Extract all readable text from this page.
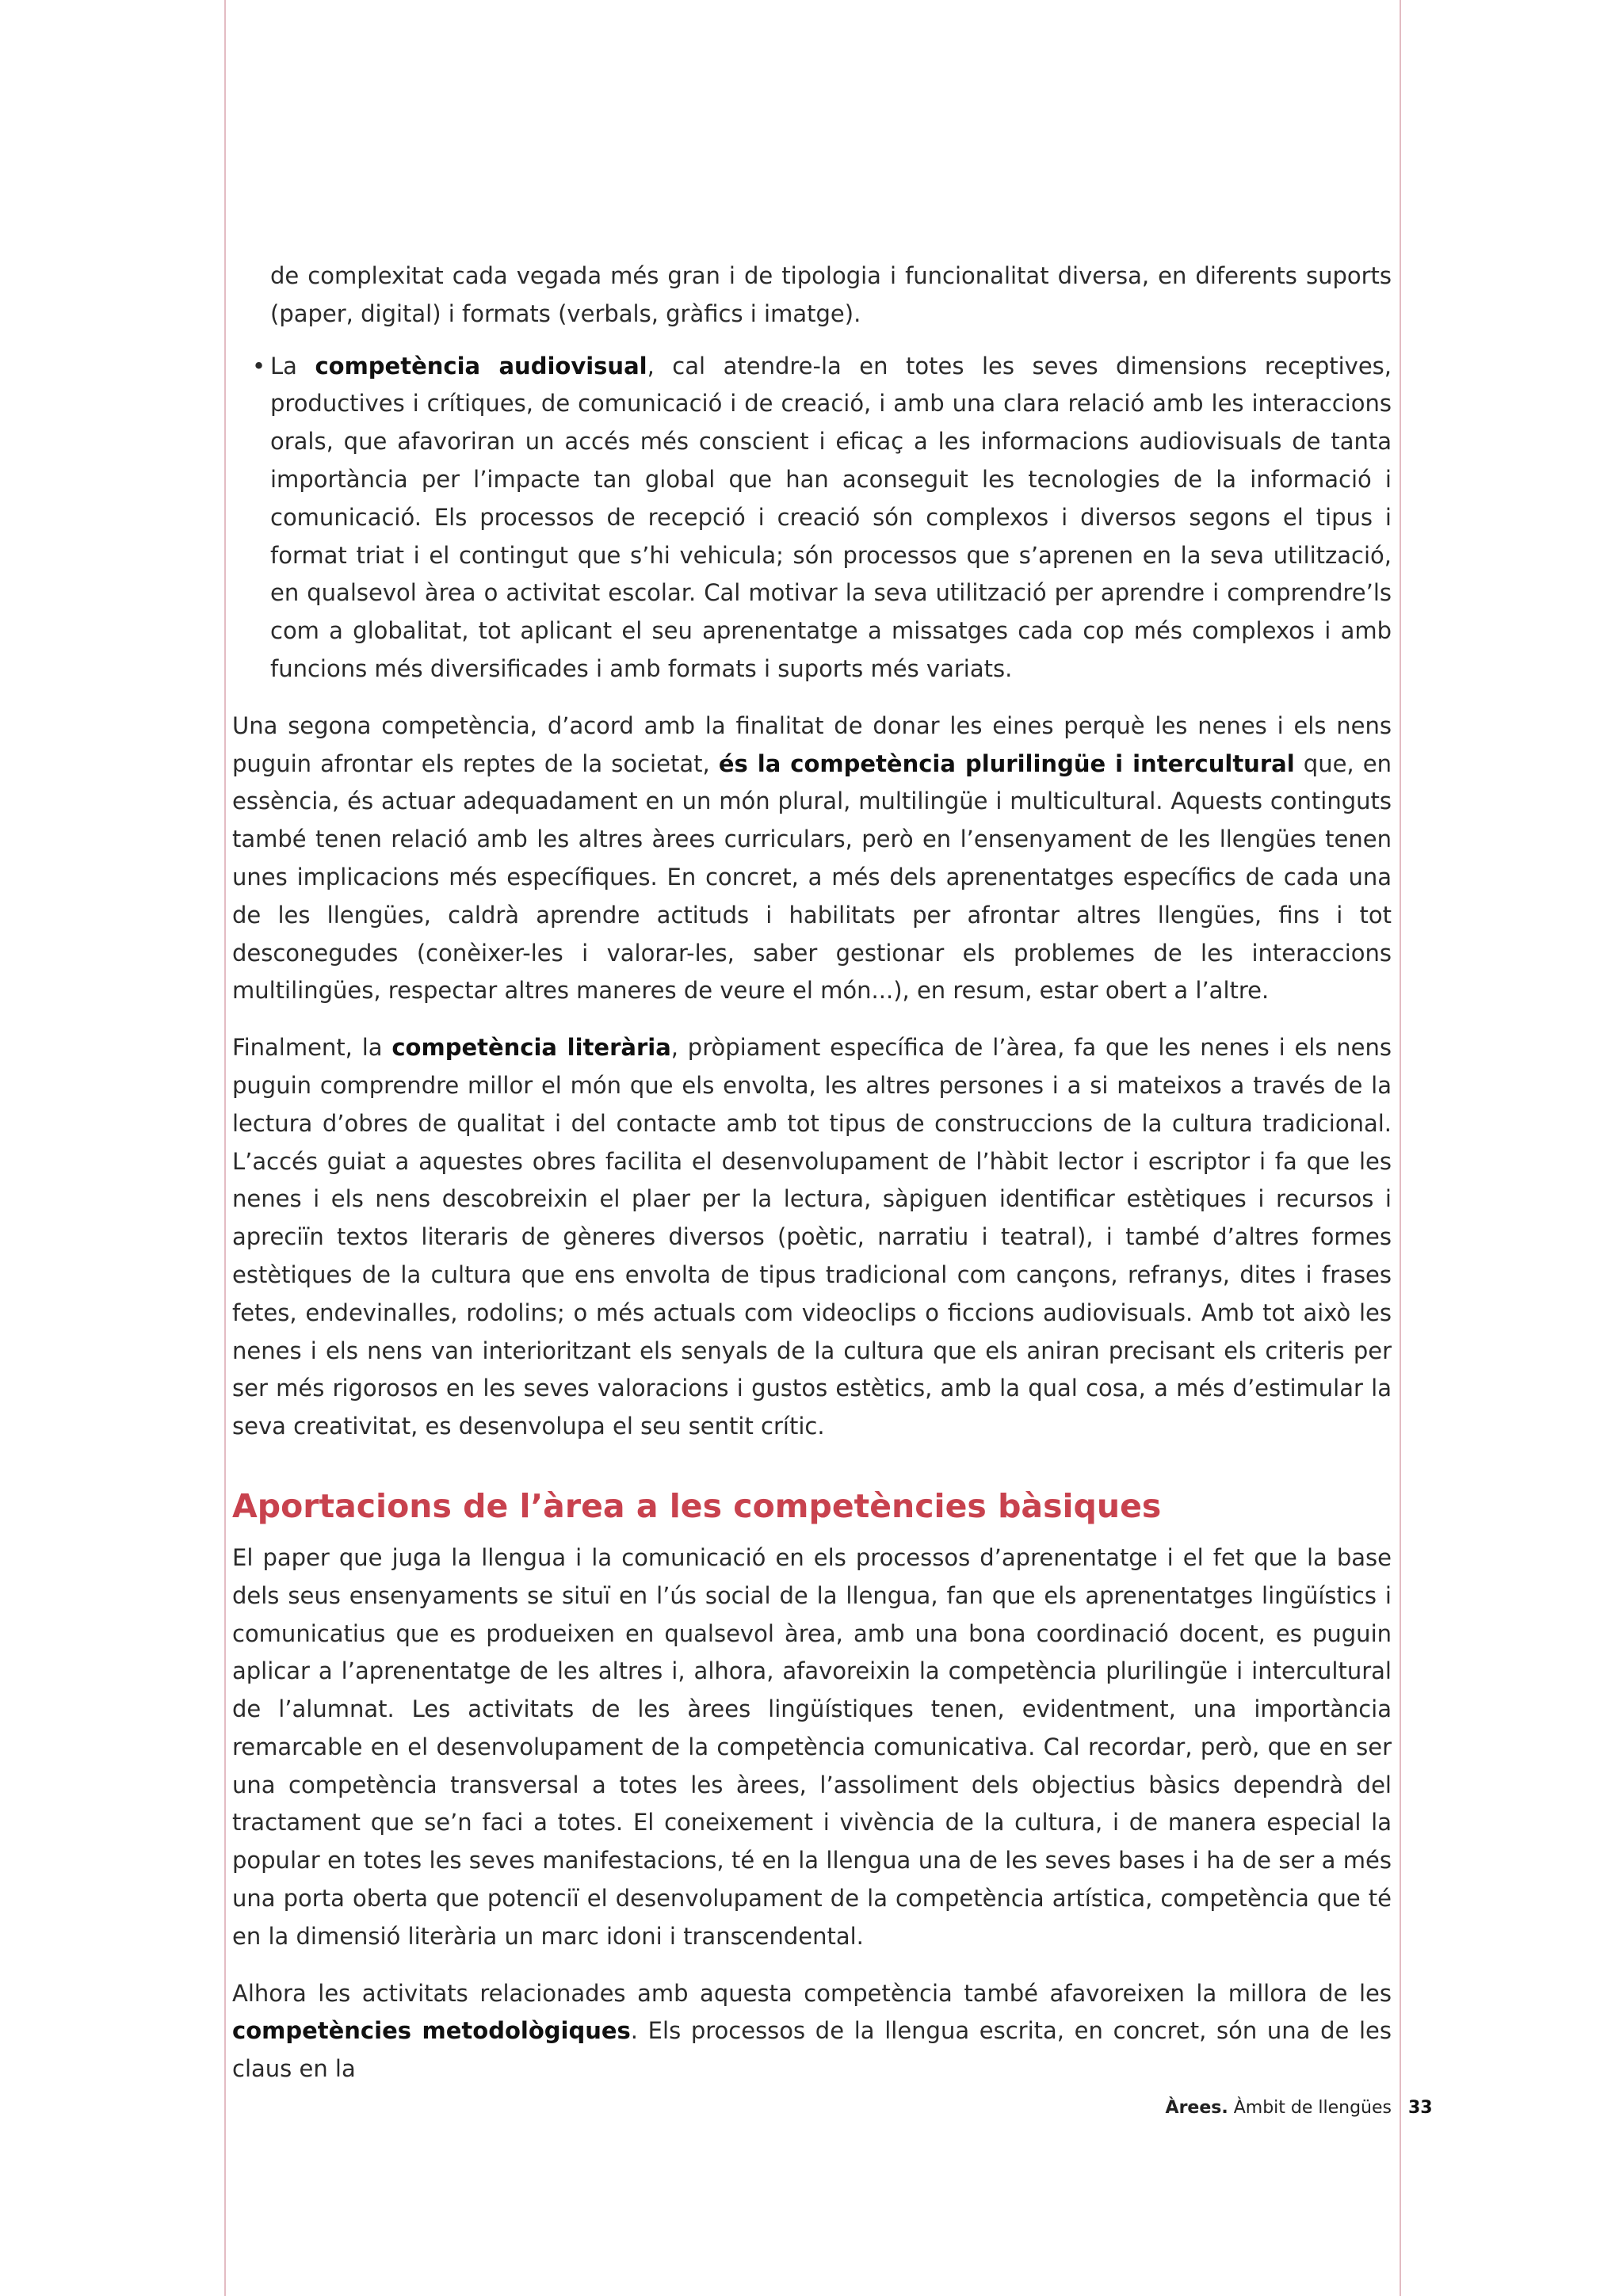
de complexitat cada vegada més gran i de tipologia i funcionalitat diversa, en diferents suports (paper, digital) i formats (verbals, gràfics i imatge).

• La competència audiovisual, cal atendre-la en totes les seves dimensions receptives, productives i crítiques, de comunicació i de creació, i amb una clara relació amb les interaccions orals, que afavoriran un accés més conscient i eficaç a les informacions audiovisuals de tanta importància per l’impacte tan global que han aconseguit les tecnologies de la informació i comunicació. Els processos de recepció i creació són complexos i diversos segons el tipus i format triat i el contingut que s’hi vehicula; són processos que s’aprenen en la seva utilització, en qualsevol àrea o activitat escolar. Cal motivar la seva utilització per aprendre i comprendre’ls com a globalitat, tot aplicant el seu aprenentatge a missatges cada cop més complexos i amb funcions més diversificades i amb formats i suports més variats.

Una segona competència, d’acord amb la finalitat de donar les eines perquè les nenes i els nens puguin afrontar els reptes de la societat, és la competència plurilingüe i intercultural que, en essència, és actuar adequadament en un món plural, multilingüe i multicultural. Aquests continguts també tenen relació amb les altres àrees curriculars, però en l’ensenyament de les llengües tenen unes implicacions més específiques. En concret, a més dels aprenentatges específics de cada una de les llengües, caldrà aprendre actituds i habilitats per afrontar altres llengües, fins i tot desconegudes (conèixer-les i valorar-les, saber gestionar els problemes de les interaccions multilingües, respectar altres maneres de veure el món...), en resum, estar obert a l’altre.

Finalment, la competència literària, pròpiament específica de l’àrea, fa que les nenes i els nens puguin comprendre millor el món que els envolta, les altres persones i a si mateixos a través de la lectura d’obres de qualitat i del contacte amb tot tipus de construccions de la cultura tradicional. L’accés guiat a aquestes obres facilita el desenvolupament de l’hàbit lector i escriptor i fa que les nenes i els nens descobreixin el plaer per la lectura, sàpiguen identificar estètiques i recursos i apreciïn textos literaris de gèneres diversos (poètic, narratiu i teatral), i també d’altres formes estètiques de la cultura que ens envolta de tipus tradicional com cançons, refranys, dites i frases fetes, endevinalles, rodolins; o més actuals com videoclips o ficcions audiovisuals. Amb tot això les nenes i els nens van interioritzant els senyals de la cultura que els aniran precisant els criteris per ser més rigorosos en les seves valoracions i gustos estètics, amb la qual cosa, a més d’estimular la seva creativitat, es desenvolupa el seu sentit crític.

Aportacions de l’àrea a les competències bàsiques

El paper que juga la llengua i la comunicació en els processos d’aprenentatge i el fet que la base dels seus ensenyaments se situï en l’ús social de la llengua, fan que els aprenentatges lingüístics i comunicatius que es produeixen en qualsevol àrea, amb una bona coordinació docent, es puguin aplicar a l’aprenentatge de les altres i, alhora, afavoreixin la competència plurilingüe i intercultural de l’alumnat. Les activitats de les àrees lingüístiques tenen, evidentment, una importància remarcable en el desenvolupament de la competència comunicativa. Cal recordar, però, que en ser una competència transversal a totes les àrees, l’assoliment dels objectius bàsics dependrà del tractament que se’n faci a totes. El coneixement i vivència de la cultura, i de manera especial la popular en totes les seves manifestacions, té en la llengua una de les seves bases i ha de ser a més una porta oberta que potenciï el desenvolupament de la competència artística, competència que té en la dimensió literària un marc idoni i transcendental.

Alhora les activitats relacionades amb aquesta competència també afavoreixen la millora de les competències metodològiques. Els processos de la llengua escrita, en concret, són una de les claus en la

Àrees. Àmbit de llengües 33
